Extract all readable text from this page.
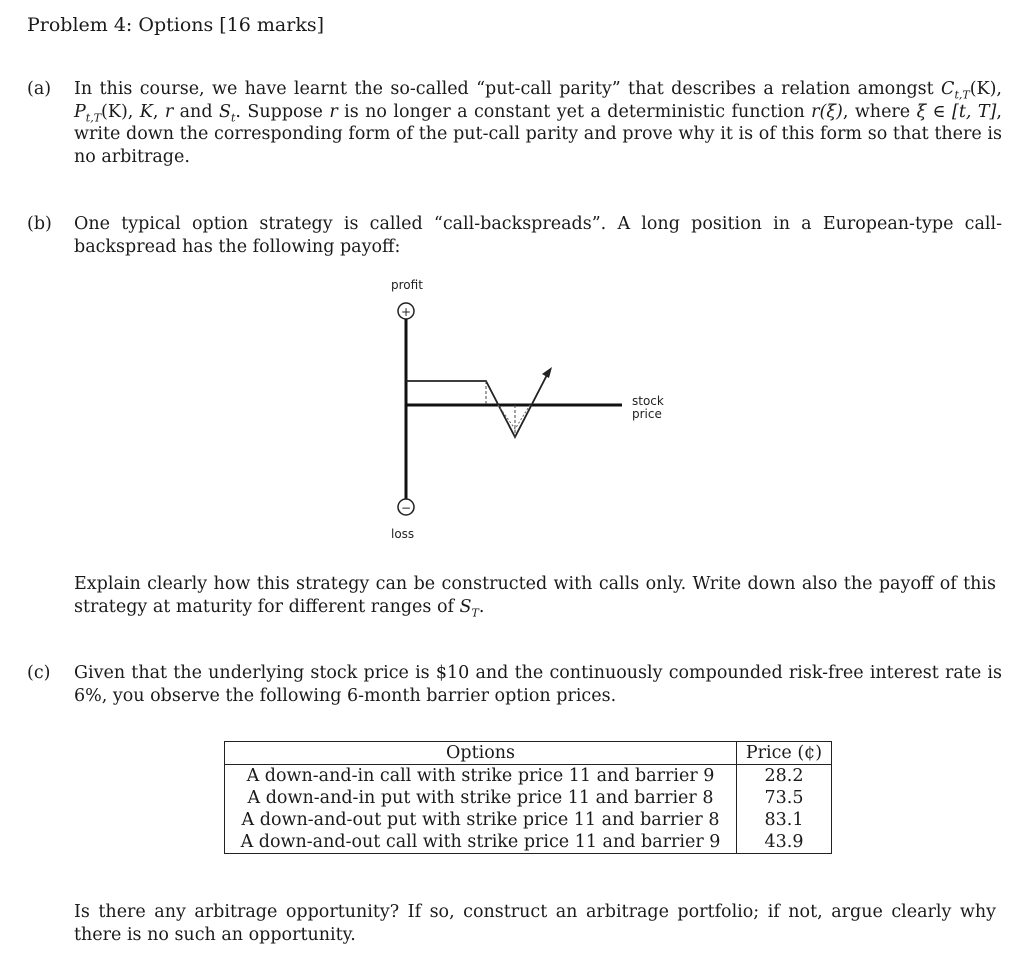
Problem 4: Options [16 marks]
(a) In this course, we have learnt the so-called “put-call parity” that describes a relation amongst $C_{t,T}(K)$, $P_{t,T}(K)$, K, r and $S_t$. Suppose r is no longer a constant yet a deterministic function r(ξ), where ξ ∈ [t, T], write down the corresponding form of the put-call parity and prove why it is of this form so that there is no arbitrage.
(b) One typical option strategy is called “call-backspreads”. A long position in a European-type call-backspread has the following payoff:
profit
+
−
loss
stock
price
Explain clearly how this strategy can be constructed with calls only. Write down also the payoff of this strategy at maturity for different ranges of $S_T$.
(c) Given that the underlying stock price is $10 and the continuously compounded risk-free interest rate is 6%, you observe the following 6-month barrier option prices.
Options	Price (¢)
A down-and-in call with strike price 11 and barrier 9	28.2
A down-and-in put with strike price 11 and barrier 8	73.5
A down-and-out put with strike price 11 and barrier 8	83.1
A down-and-out call with strike price 11 and barrier 9	43.9
Is there any arbitrage opportunity? If so, construct an arbitrage portfolio; if not, argue clearly why there is no such an opportunity.
